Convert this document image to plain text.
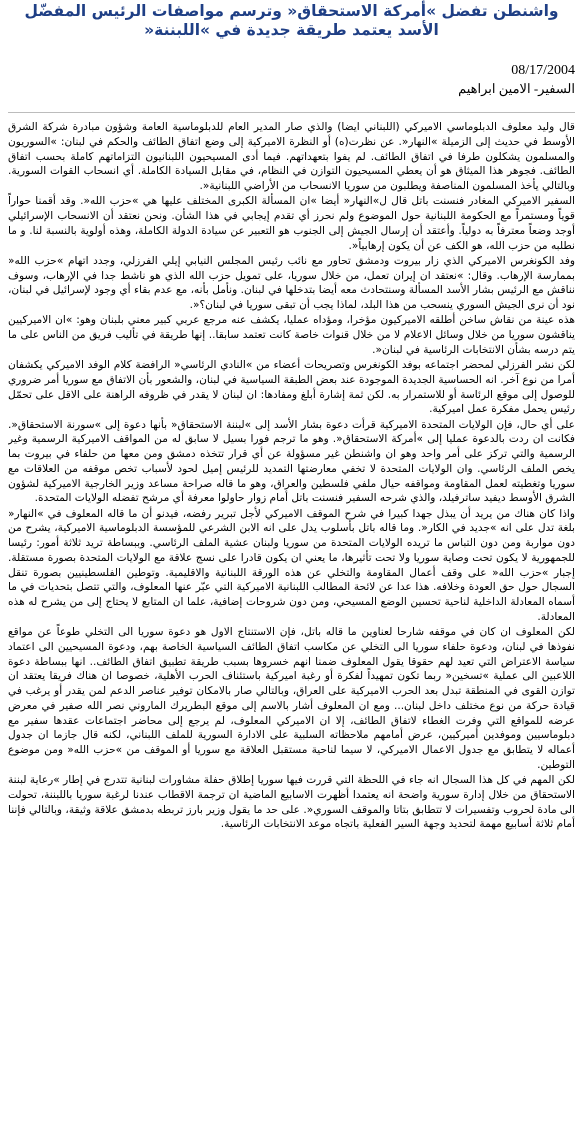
واشنطن تفضل »أمركة الاستحقاق« وترسم مواصفات الرئيس المفضّل
الأسد يعتمد طريقة جديدة في »اللبننة«
08/17/2004
السفير- الامين ابراهيم

قال وليد معلوف الدبلوماسي الاميركي (اللبناني ايضا) والذي صار المدير العام للدبلوماسية العامة وشؤون مبادرة شركة الشرق الأوسط في حديث إلى الزميلة »النهار«. عن نظرت(ه) أو النظرة الاميركية إلى وضع اتفاق الطائف والحكم في لبنان: »السوريون والمسلمون يشكلون طرفا في اتفاق الطائف. لم يفوا بتعهداتهم. فيما أدى المسيحيون اللبنانيون التزاماتهم كاملة بحسب اتفاق الطائف. فجوهر هذا الميثاق هو أن يعطي المسيحيون التوازن في النظام، في مقابل السيادة الكاملة. أي انسحاب القوات السورية. وبالتالي يأخذ المسلمون المناصفة ويطلبون من سوريا الانسحاب من الأراضي اللبنانية«.

السفير الاميركي المغادر فنسنت باتل قال ل»النهار« أيضا »ان المسألة الكبرى المختلف عليها هي »حزب الله«. وقد أقمنا حواراً قوياً ومستمراً مع الحكومة اللبنانية حول الموضوع ولم نحرز أي تقدم إيجابي في هذا الشأن. ونحن نعتقد أن الانسحاب الإسرائيلي أوجد وضعاً معترفاً به دولياً. وأعتقد أن إرسال الجيش إلى الجنوب هو التعبير عن سيادة الدولة الكاملة، وهذه أولوية بالنسبة لنا. و ما نطلبه من حزب الله، هو الكف عن أن يكون إرهابياً«.

وفد الكونغرس الاميركي الذي زار بيروت ودمشق تحاور مع نائب رئيس المجلس النيابي إيلي الفرزلي، وجدد اتهام »حزب الله« بممارسة الإرهاب. وقال: »نعتقد ان إيران تعمل، من خلال سوريا، على تمويل حزب الله الذي هو ناشط جدا في الإرهاب، وسوف نناقش مع الرئيس بشار الأسد المسألة وسنتحادث معه أيضا بتدخلها في لبنان. ونأمل بأنه، مع عدم بقاء أي وجود لإسرائيل في لبنان، نود أن نرى الجيش السوري ينسحب من هذا البلد، لماذا يجب أن تبقى سوريا في لبنان؟«.

هذه عينة من نقاش ساخن أطلقه الاميركيون مؤخرا، ومؤداه عمليا، يكشف عنه مرجع عربي كبير معني بلبنان وهو: »ان الاميركيين يناقشون سوريا من خلال وسائل الاعلام لا من خلال قنوات خاصة كانت تعتمد سابقا.. إنها طريقة في تأليب فريق من الناس على ما يتم درسه بشأن الانتخابات الرئاسية في لبنان«.

لكن نشر الفرزلي لمحضر اجتماعه بوفد الكونغرس وتصريحات أعضاء من »النادي الرئاسي« الرافضة كلام الوفد الاميركي يكشفان أمرا من نوع آخر. انه الحساسية الجديدة الموجودة عند بعض الطبقة السياسية في لبنان، والشعور بأن الاتفاق مع سوريا أمر ضروري للوصول إلى موقع الرئاسة أو للاستمرار به. لكن ثمة إشارة أبلغ ومفادها: ان لبنان لا يقدر في ظروفه الراهنة على الاقل على تحمّل رئيس يحمل مفكرة عمل اميركية.

على أي حال، فإن الولايات المتحدة الاميركية قرأت دعوة بشار الأسد إلى »لبننة الاستحقاق« بأنها دعوة إلى »سورنة الاستحقاق«. فكانت ان ردت بالدعوة عمليا إلى »أمركة الاستحقاق«. وهو ما ترجم فورا بسيل لا سابق له من المواقف الاميركية الرسمية وغير الرسمية والتي تركز على أمر واحد وهو ان واشنطن غير مسؤولة عن أي قرار تتخذه دمشق ومن معها من حلفاء في بيروت بما يخص الملف الرئاسي. وان الولايات المتحدة لا تخفي معارضتها التمديد للرئيس إميل لحود لأسباب تخص موقفه من العلاقات مع سوريا وتغطيته لعمل المقاومة ومواقفه حيال ملفي فلسطين والعراق، وهو ما قاله صراحة مساعد وزير الخارجية الاميركية لشؤون الشرق الأوسط ديفيد ساترفيلد، والذي شرحه السفير فنسنت باتل أمام زوار حاولوا معرفة أي مرشح تفضله الولايات المتحدة.

واذا كان هناك من يريد أن يبذل جهدا كبيرا في شرح الموقف الاميركي لأجل تبرير رفضه، فيدنو أن ما قاله المعلوف في »النهار« بلغة تدل على انه »جديد في الكار«. وما قاله باتل بأسلوب يدل على انه الابن الشرعي للمؤسسة الدبلوماسية الاميركية، يشرح من دون مواربة ومن دون التباس ما تريده الولايات المتحدة من سوريا ولبنان عشية الملف الرئاسي. وببساطة تريد ثلاثة أمور: رئيسا للجمهورية لا يكون تحت وصاية سوريا ولا تحت تأثيرها، ما يعني ان يكون قادرا على نسج علاقة مع الولايات المتحدة بصورة مستقلة. إجبار »حزب الله« على وقف أعمال المقاومة والتخلي عن هذه الورقة اللبنانية والاقليمية. وتوطين الفلسطينيين بصورة تنقل السجال حول حق العودة وخلافه. هذا عدا عن لائحة المطالب اللبنانية الاميركية التي عبّر عنها المعلوف، والتي تتصل بتحديات في ما أسماه المعادلة الداخلية لناحية تحسين الوضع المسيحي، ومن دون شروحات إضافية، علما ان المتابع لا يحتاج إلى من يشرح له هذه المعادلة.

لكن المعلوف ان كان في موقفه شارحا لعناوين ما قاله باتل، فإن الاستنتاج الاول هو دعوة سوريا الى التخلي طوعاً عن مواقع نفوذها في لبنان، ودعوة حلفاء سوريا الى التخلي عن مكاسب اتفاق الطائف السياسية الخاصة بهم، ودعوة المسيحيين الى اعتماد سياسة الاعتراض التي تعيد لهم حقوقا يقول المعلوف ضمنا انهم خسروها بسبب طريقة تطبيق اتفاق الطائف.. انها ببساطة دعوة اللاعبين الى عملية »تسخين« ربما تكون تمهيداً لفكرة أو رغبة اميركية باستئناف الحرب الأهلية، خصوصا ان هناك فريقا يعتقد ان توازن القوى في المنطقة تبدل بعد الحرب الاميركية على العراق، وبالتالي صار بالامكان توفير عناصر الدعم لمن يقدر أو يرغب في قيادة حركة من نوع مختلف داخل لبنان... ومع ان المعلوف أشار بالاسم إلى موقع البطريرك الماروني نصر الله صفير في معرض عرضه للمواقع التي وفرت الغطاء لاتفاق الطائف، إلا ان الاميركي المعلوف، لم يرجع إلى محاضر اجتماعات عقدها سفير مع دبلوماسيين وموفدين أميركيين، عرض أمامهم ملاحظاته السلبية على الادارة السورية للملف اللبناني، لكنه قال جازما ان جدول أعماله لا يتطابق مع جدول الاعمال الاميركي، لا سيما لناحية مستقبل العلاقة مع سوريا أو الموقف من »حزب الله« ومن موضوع التوطين.

لكن المهم في كل هذا السجال انه جاء في اللحظة التي قررت فيها سوريا إطلاق حفلة مشاورات لبنانية تتدرج في إطار »رعاية لبننة الاستحقاق من خلال إدارة سورية واضحة انه يعتمدا أظهرت الاسابيع الماضية ان ترجمة الاقطاب عندنا لرغبة سوريا باللبننة، تحولت الى مادة لحروب وتفسيرات لا تتطابق بتاتا والموقف السوري«. على حد ما يقول وزير بارز تربطه بدمشق علاقة وثيقة، وبالتالي فإننا أمام ثلاثة أسابيع مهمة لتحديد وجهة السير الفعلية باتجاه موعد الانتخابات الرئاسية.
